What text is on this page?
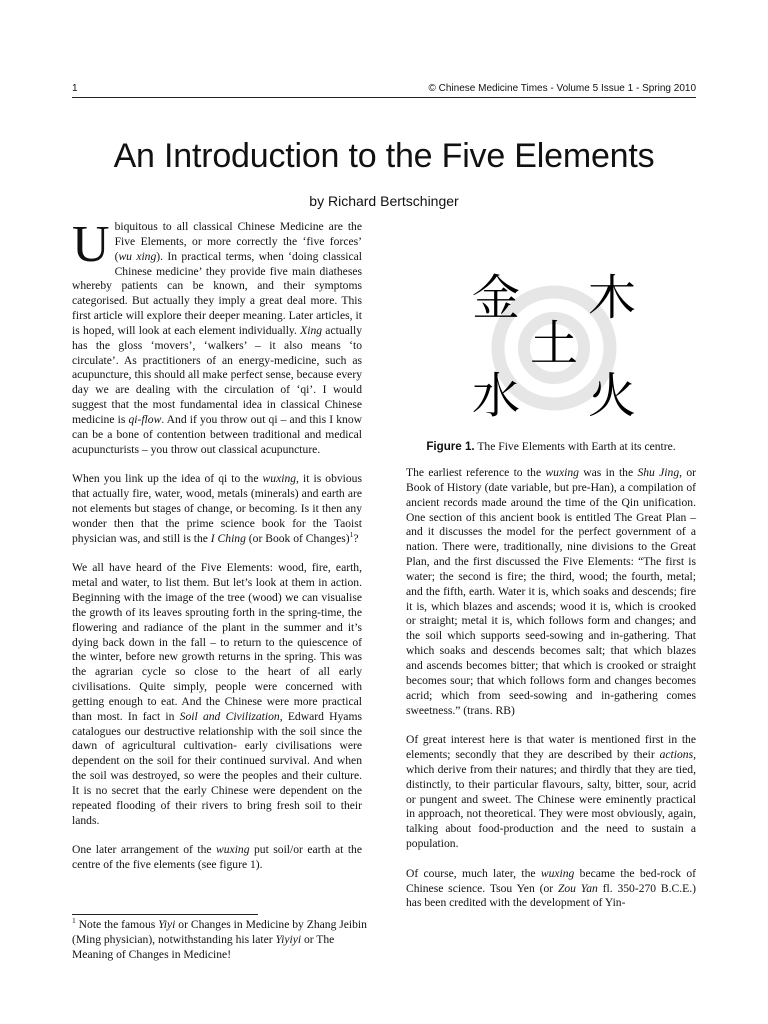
1	© Chinese Medicine Times - Volume 5 Issue 1 - Spring 2010
An Introduction to the Five Elements
by Richard Bertschinger

Ubiquitous to all classical Chinese Medicine are the Five Elements, or more correctly the ‘five forces’ (wu xing). In practical terms, when ‘doing classical Chinese medicine’ they provide five main diatheses whereby patients can be known, and their symptoms categorised. But actually they imply a great deal more. This first article will explore their deeper meaning. Later articles, it is hoped, will look at each element individually. Xing actually has the gloss ‘movers’, ‘walkers’ – it also means ‘to circulate’. As practitioners of an energy-medicine, such as acupuncture, this should all make perfect sense, because every day we are dealing with the circulation of ‘qi’. I would suggest that the most fundamental idea in classical Chinese medicine is qi-flow. And if you throw out qi – and this I know can be a bone of contention between traditional and medical acupuncturists – you throw out classical acupuncture.

When you link up the idea of qi to the wuxing, it is obvious that actually fire, water, wood, metals (minerals) and earth are not elements but stages of change, or becoming. Is it then any wonder then that the prime science book for the Taoist physician was, and still is the I Ching (or Book of Changes)$^1$?

We all have heard of the Five Elements: wood, fire, earth, metal and water, to list them. But let’s look at them in action. Beginning with the image of the tree (wood) we can visualise the growth of its leaves sprouting forth in the spring-time, the flowering and radiance of the plant in the summer and it’s dying back down in the fall – to return to the quiescence of the winter, before new growth returns in the spring. This was the agrarian cycle so close to the heart of all early civilisations. Quite simply, people were concerned with getting enough to eat. And the Chinese were more practical than most. In fact in Soil and Civilization, Edward Hyams catalogues our destructive relationship with the soil since the dawn of agricultural cultivation- early civilisations were dependent on the soil for their continued survival. And when the soil was destroyed, so were the peoples and their culture. It is no secret that the early Chinese were dependent on the repeated flooding of their rivers to bring fresh soil to their lands.

One later arrangement of the wuxing put soil/or earth at the centre of the five elements (see figure 1).

金 木
土
水 火
Figure 1. The Five Elements with Earth at its centre.

The earliest reference to the wuxing was in the Shu Jing, or Book of History (date variable, but pre-Han), a compilation of ancient records made around the time of the Qin unification. One section of this ancient book is entitled The Great Plan – and it discusses the model for the perfect government of a nation. There were, traditionally, nine divisions to the Great Plan, and the first discussed the Five Elements: “The first is water; the second is fire; the third, wood; the fourth, metal; and the fifth, earth. Water it is, which soaks and descends; fire it is, which blazes and ascends; wood it is, which is crooked or straight; metal it is, which follows form and changes; and the soil which supports seed-sowing and in-gathering. That which soaks and descends becomes salt; that which blazes and ascends becomes bitter; that which is crooked or straight becomes sour; that which follows form and changes becomes acrid; which from seed-sowing and in-gathering comes sweetness.” (trans. RB)

Of great interest here is that water is mentioned first in the elements; secondly that they are described by their actions, which derive from their natures; and thirdly that they are tied, distinctly, to their particular flavours, salty, bitter, sour, acrid or pungent and sweet. The Chinese were eminently practical in approach, not theoretical. They were most obviously, again, talking about food-production and the need to sustain a population.

Of course, much later, the wuxing became the bed-rock of Chinese science. Tsou Yen (or Zou Yan fl. 350-270 B.C.E.) has been credited with the development of Yin-

$^1$ Note the famous Yiyi or Changes in Medicine by Zhang Jeibin (Ming physician), notwithstanding his later Yiyiyi or The Meaning of Changes in Medicine!
